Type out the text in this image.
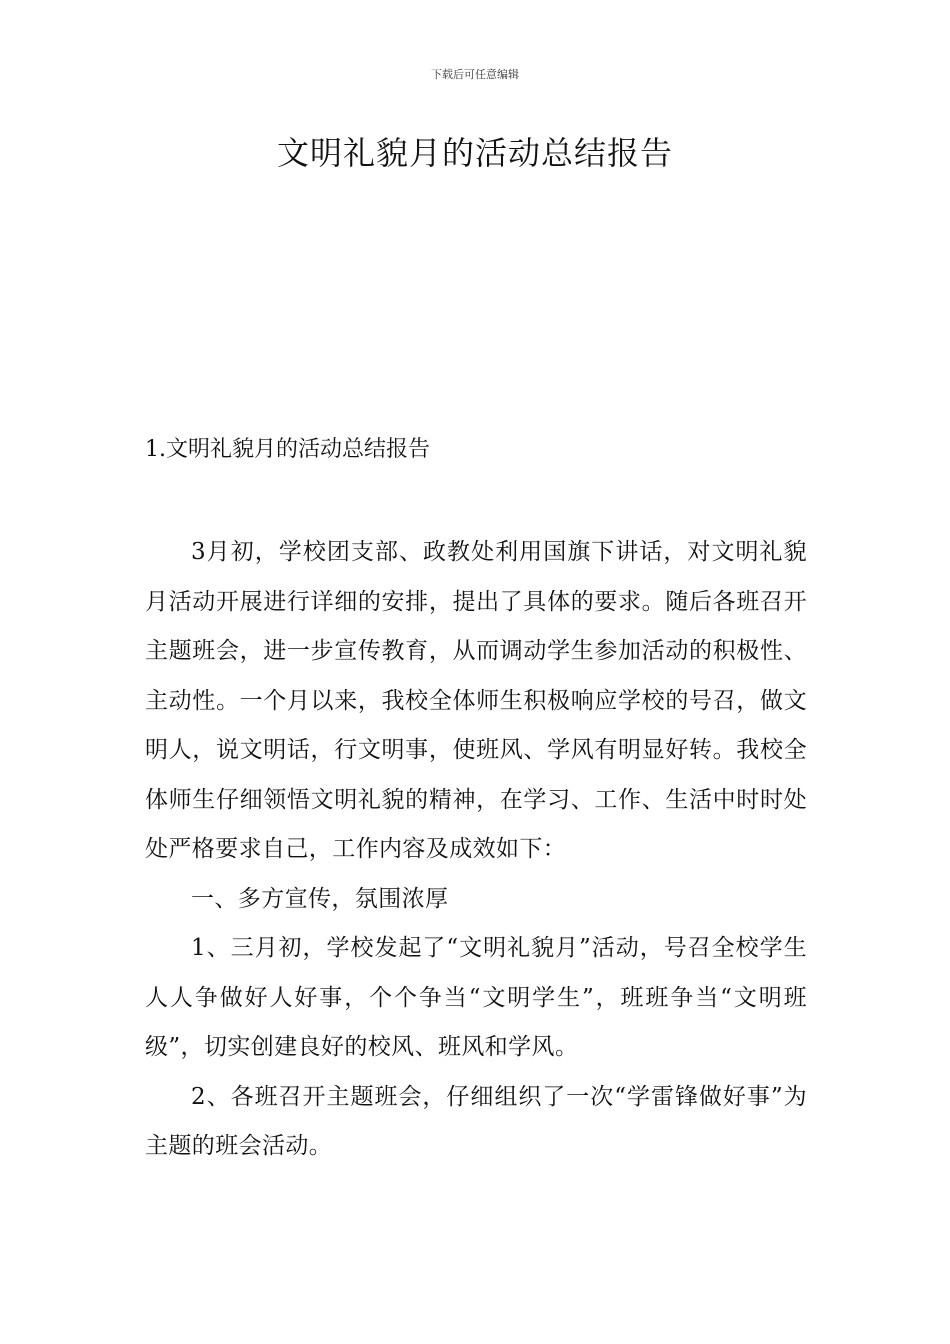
下载后可任意编辑
文明礼貌月的活动总结报告
1.文明礼貌月的活动总结报告

3月初，学校团支部、政教处利用国旗下讲话，对文明礼貌月活动开展进行详细的安排，提出了具体的要求。随后各班召开主题班会，进一步宣传教育，从而调动学生参加活动的积极性、主动性。一个月以来，我校全体师生积极响应学校的号召，做文明人，说文明话，行文明事，使班风、学风有明显好转。我校全体师生仔细领悟文明礼貌的精神，在学习、工作、生活中时时处处严格要求自己，工作内容及成效如下：

一、多方宣传，氛围浓厚

1、三月初，学校发起了“文明礼貌月”活动，号召全校学生人人争做好人好事，个个争当“文明学生”，班班争当“文明班级”，切实创建良好的校风、班风和学风。

2、各班召开主题班会，仔细组织了一次“学雷锋做好事”为主题的班会活动。
